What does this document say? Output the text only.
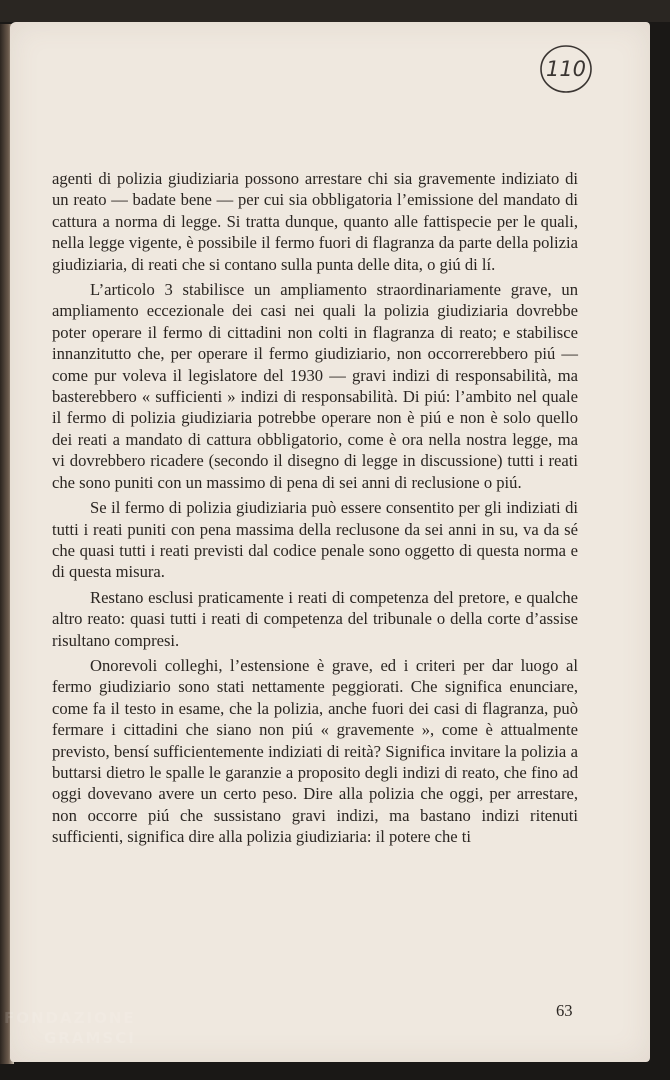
110

agenti di polizia giudiziaria possono arrestare chi sia gravemente indiziato di un reato — badate bene — per cui sia obbligatoria l’emissione del mandato di cattura a norma di legge. Si tratta dunque, quanto alle fattispecie per le quali, nella legge vigente, è possibile il fermo fuori di flagranza da parte della polizia giudiziaria, di reati che si contano sulla punta delle dita, o giú di lí.

L’articolo 3 stabilisce un ampliamento straordinariamente grave, un ampliamento eccezionale dei casi nei quali la polizia giudiziaria dovrebbe poter operare il fermo di cittadini non colti in flagranza di reato; e stabilisce innanzitutto che, per operare il fermo giudiziario, non occorrerebbero piú — come pur voleva il legislatore del 1930 — gravi indizi di responsabilità, ma basterebbero « sufficienti » indizi di responsabilità. Di piú: l’ambito nel quale il fermo di polizia giudiziaria potrebbe operare non è piú e non è solo quello dei reati a mandato di cattura obbligatorio, come è ora nella nostra legge, ma vi dovrebbero ricadere (secondo il disegno di legge in discussione) tutti i reati che sono puniti con un massimo di pena di sei anni di reclusione o piú.

Se il fermo di polizia giudiziaria può essere consentito per gli indiziati di tutti i reati puniti con pena massima della reclusone da sei anni in su, va da sé che quasi tutti i reati previsti dal codice penale sono oggetto di questa norma e di questa misura.

Restano esclusi praticamente i reati di competenza del pretore, e qualche altro reato: quasi tutti i reati di competenza del tribunale o della corte d’assise risultano compresi.

Onorevoli colleghi, l’estensione è grave, ed i criteri per dar luogo al fermo giudiziario sono stati nettamente peggiorati. Che significa enunciare, come fa il testo in esame, che la polizia, anche fuori dei casi di flagranza, può fermare i cittadini che siano non piú « gravemente », come è attualmente previsto, bensí sufficientemente indiziati di reità? Significa invitare la polizia a buttarsi dietro le spalle le garanzie a proposito degli indizi di reato, che fino ad oggi dovevano avere un certo peso. Dire alla polizia che oggi, per arrestare, non occorre piú che sussistano gravi indizi, ma bastano indizi ritenuti sufficienti, significa dire alla polizia giudiziaria: il potere che ti

63
FONDAZIONE
GRAMSCI
